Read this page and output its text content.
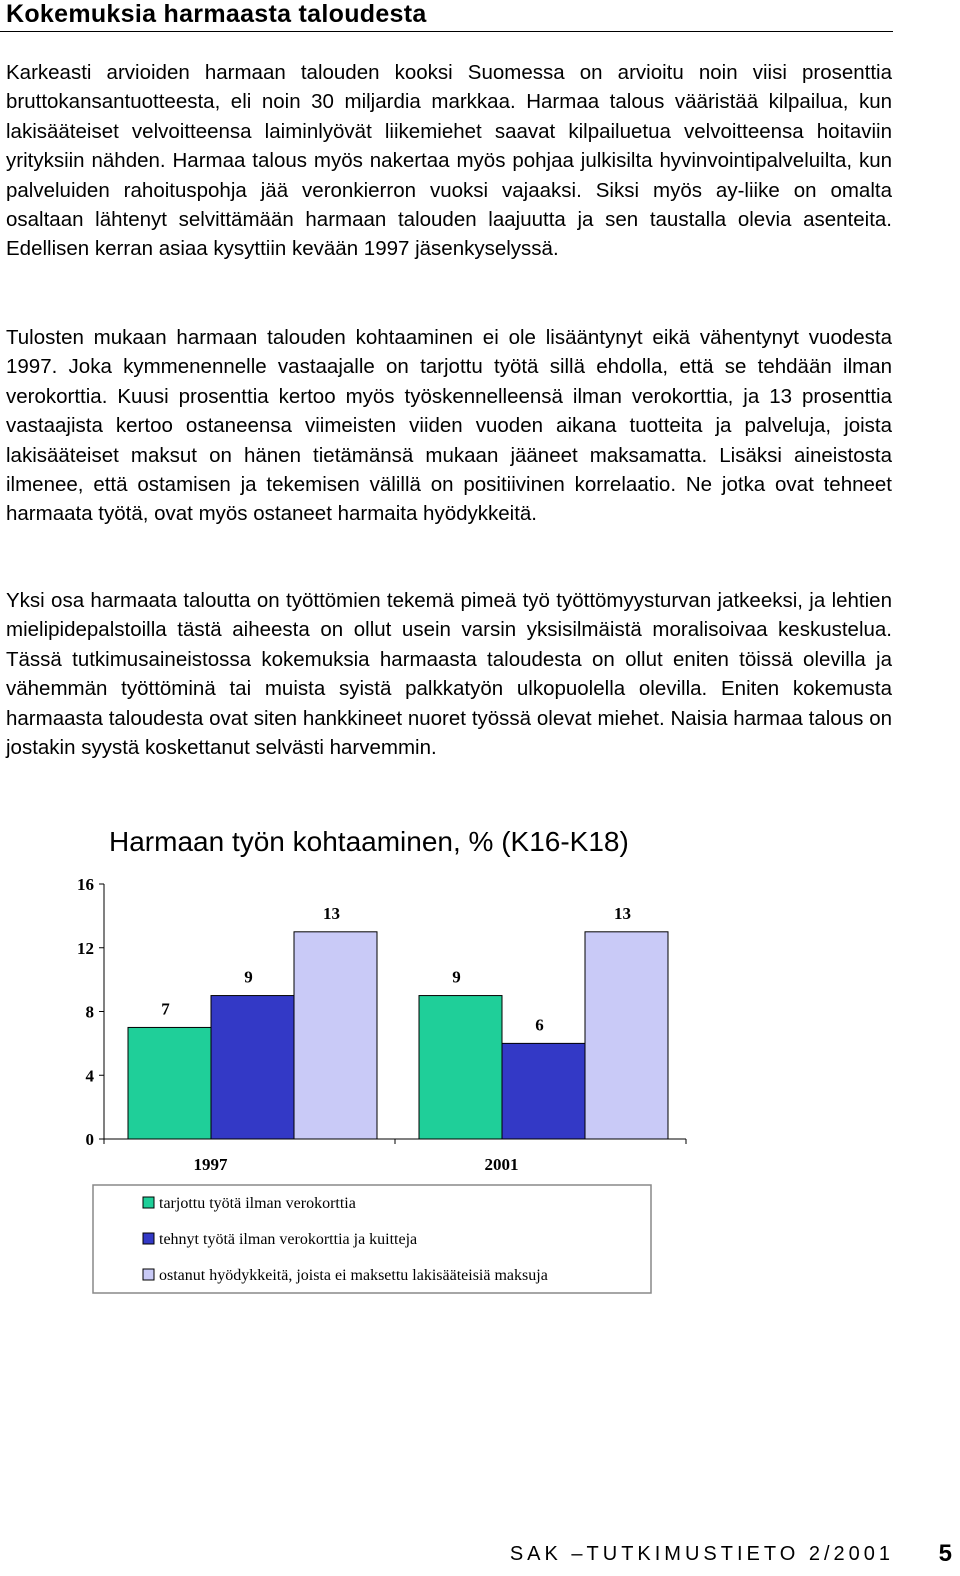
Kokemuksia harmaasta taloudesta

Karkeasti arvioiden harmaan talouden kooksi Suomessa on arvioitu noin viisi prosenttia bruttokansantuotteesta, eli noin 30 miljardia markkaa. Harmaa talous vääristää kilpailua, kun lakisääteiset velvoitteensa laiminlyövät liikemiehet saavat kilpailuetua velvoitteensa hoitaviin yrityksiin nähden. Harmaa talous myös nakertaa myös pohjaa julkisilta hyvinvointipalveluilta, kun palveluiden rahoituspohja jää veronkierron vuoksi vajaaksi. Siksi myös ay-liike on omalta osaltaan lähtenyt selvittämään harmaan talouden laajuutta ja sen taustalla olevia asenteita. Edellisen kerran asiaa kysyttiin kevään 1997 jäsenkyselyssä.

Tulosten mukaan harmaan talouden kohtaaminen ei ole lisääntynyt eikä vähentynyt vuodesta 1997. Joka kymmenennelle vastaajalle on tarjottu työtä sillä ehdolla, että se tehdään ilman verokorttia. Kuusi prosenttia kertoo myös työskennelleensä ilman verokorttia, ja 13 prosenttia vastaajista kertoo ostaneensa viimeisten viiden vuoden aikana tuotteita ja palveluja, joista lakisääteiset maksut on hänen tietämänsä mukaan jääneet maksamatta. Lisäksi aineistosta ilmenee, että ostamisen ja tekemisen välillä on positiivinen korrelaatio. Ne jotka ovat tehneet harmaata työtä, ovat myös ostaneet harmaita hyödykkeitä.

Yksi osa harmaata taloutta on työttömien tekemä pimeä työ työttömyysturvan jatkeeksi, ja lehtien mielipidepalstoilla tästä aiheesta on ollut usein varsin yksisilmäistä moralisoivaa keskustelua. Tässä tutkimusaineistossa kokemuksia harmaasta taloudesta on ollut eniten töissä olevilla ja vähemmän työttöminä tai muista syistä palkkatyön ulkopuolella olevilla. Eniten kokemusta harmaasta taloudesta ovat siten hankkineet nuoret työssä olevat miehet. Naisia harmaa talous on jostakin syystä koskettanut selvästi harvemmin.

Harmaan työn kohtaaminen, % (K16-K18)
0
4
8
12
16
7
9
13
1997
9
6
13
2001
tarjottu työtä ilman verokorttia
tehnyt työtä ilman verokorttia ja kuitteja
ostanut hyödykkeitä, joista ei maksettu lakisääteisiä maksuja
SAK –TUTKIMUSTIETO 2/2001 5
